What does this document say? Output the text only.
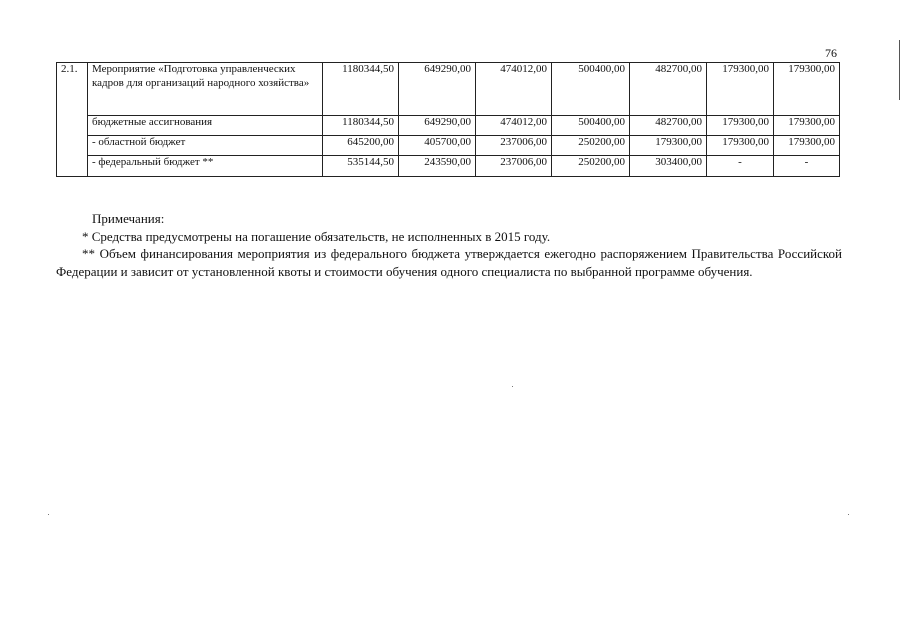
76
2.1.	Мероприятие «Подготовка управленческих кадров для организаций народного хозяйства»	1180344,50	649290,00	474012,00	500400,00	482700,00	179300,00	179300,00
	бюджетные ассигнования	1180344,50	649290,00	474012,00	500400,00	482700,00	179300,00	179300,00
	- областной бюджет	645200,00	405700,00	237006,00	250200,00	179300,00	179300,00	179300,00
	- федеральный бюджет **	535144,50	243590,00	237006,00	250200,00	303400,00	-	-

Примечания:

* Средства предусмотрены на погашение обязательств, не исполненных в 2015 году.

** Объем финансирования мероприятия из федерального бюджета утверждается ежегодно распоряжением Правительства Российской Федерации и зависит от установленной квоты и стоимости обучения одного специалиста по выбранной программе обучения.
